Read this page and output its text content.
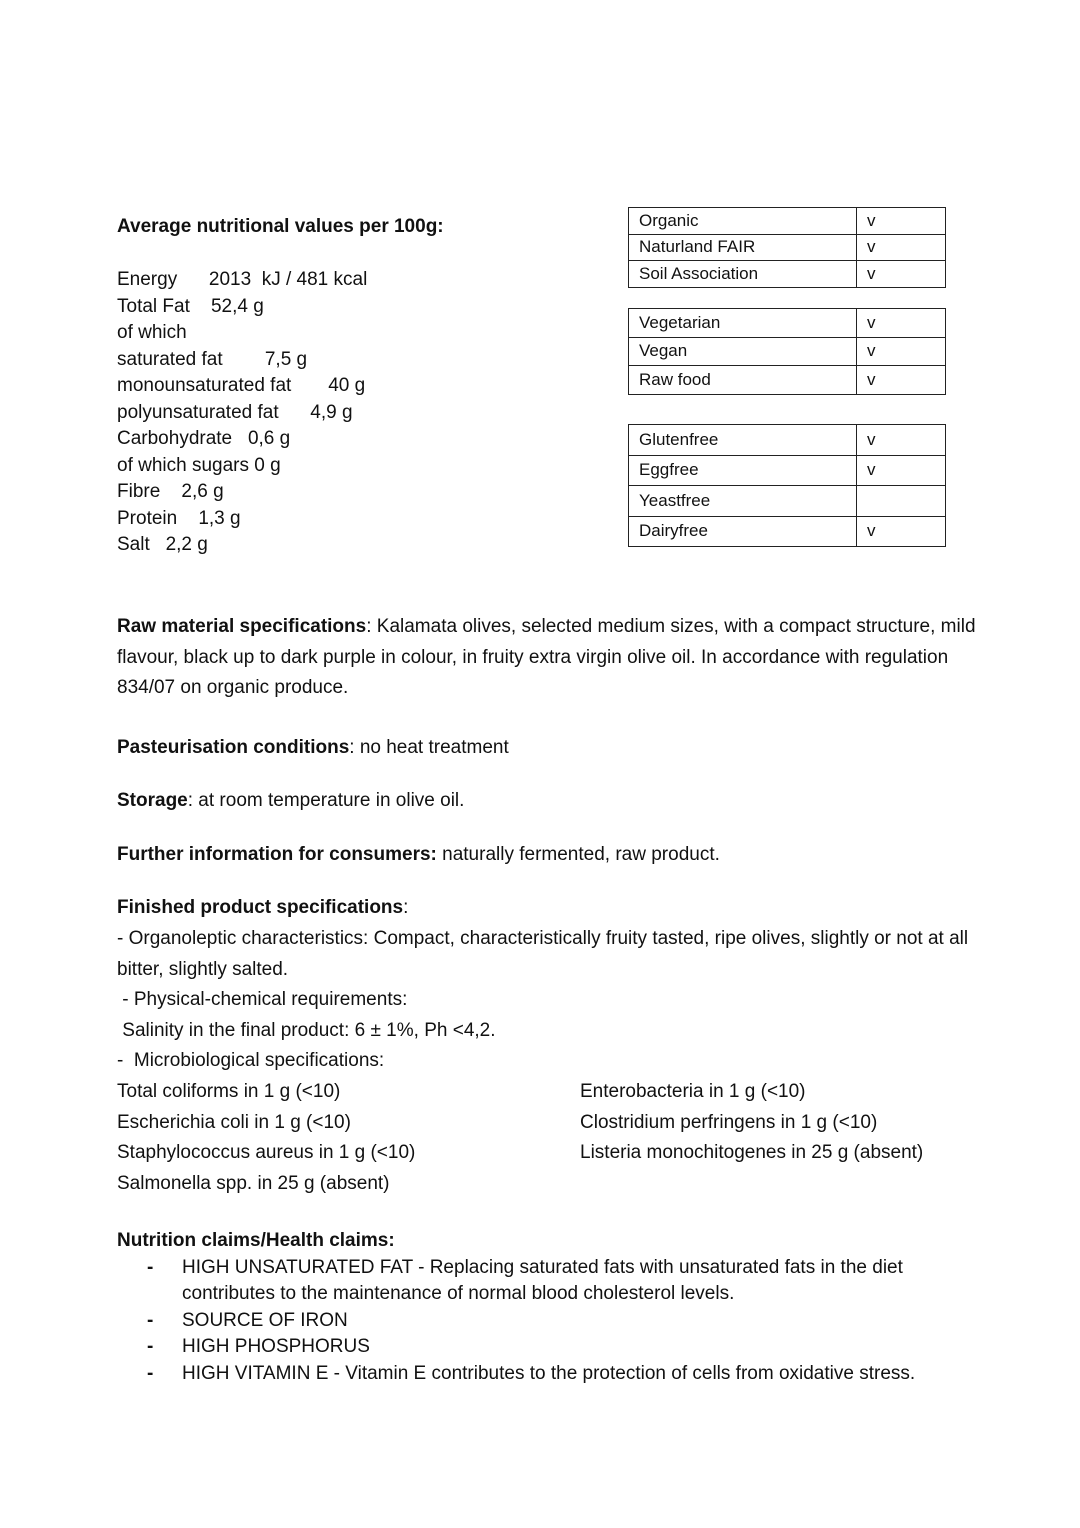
Average nutritional values per 100g:
Energy      2013  kJ / 481 kcal
Total Fat    52,4 g
of which
saturated fat        7,5 g
monounsaturated fat       40 g
polyunsaturated fat      4,9 g
Carbohydrate   0,6 g
of which sugars 0 g
Fibre    2,6 g
Protein    1,3 g
Salt   2,2 g
Organic	v
Naturland FAIR	v
Soil Association	v
Vegetarian	v
Vegan	v
Raw food	v
Glutenfree	v
Eggfree	v
Yeastfree	
Dairyfree	v
Raw material specifications: Kalamata olives, selected medium sizes, with a compact structure, mild flavour, black up to dark purple in colour, in fruity extra virgin olive oil. In accordance with regulation 834/07 on organic produce.
Pasteurisation conditions: no heat treatment
Storage: at room temperature in olive oil.
Further information for consumers: naturally fermented, raw product.
Finished product specifications:
- Organoleptic characteristics: Compact, characteristically fruity tasted, ripe olives, slightly or not at all bitter, slightly salted.
- Physical-chemical requirements:
Salinity in the final product: 6 ± 1%, Ph <4,2.
-  Microbiological specifications:
Total coliforms in 1 g (<10)
Escherichia coli in 1 g (<10)
Staphylococcus aureus in 1 g (<10)
Salmonella spp. in 25 g (absent)
Enterobacteria in 1 g (<10)
Clostridium perfringens in 1 g (<10)
Listeria monochitogenes in 25 g (absent)
Nutrition claims/Health claims:
- HIGH UNSATURATED FAT - Replacing saturated fats with unsaturated fats in the diet contributes to the maintenance of normal blood cholesterol levels.
- SOURCE OF IRON
- HIGH PHOSPHORUS
- HIGH VITAMIN E - Vitamin E contributes to the protection of cells from oxidative stress.
